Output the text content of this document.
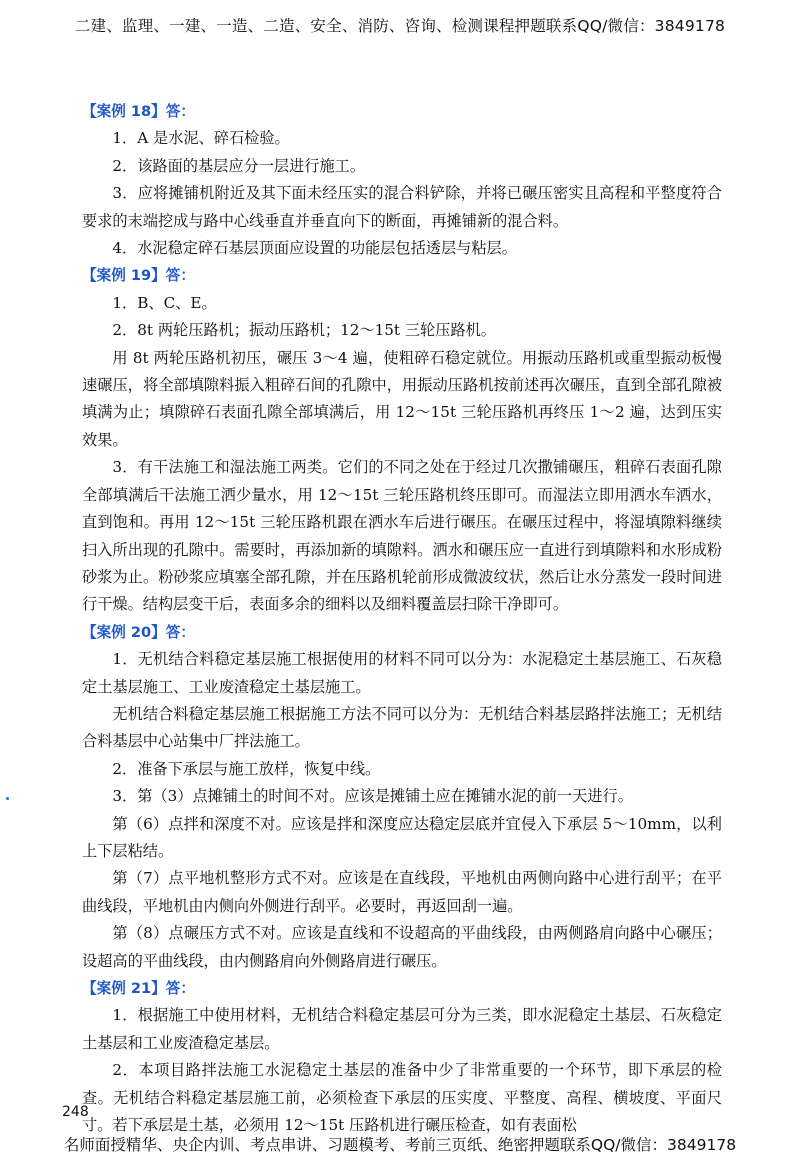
二建、监理、一建、一造、二造、安全、消防、咨询、检测课程押题联系QQ/微信：3849178

【案例 18】答：

1．A 是水泥、碎石检验。

2．该路面的基层应分一层进行施工。

3．应将摊铺机附近及其下面未经压实的混合料铲除，并将已碾压密实且高程和平整度符合要求的末端挖成与路中心线垂直并垂直向下的断面，再摊铺新的混合料。

4．水泥稳定碎石基层顶面应设置的功能层包括透层与粘层。

【案例 19】答：

1．B、C、E。

2．8t 两轮压路机；振动压路机；12～15t 三轮压路机。

用 8t 两轮压路机初压，碾压 3～4 遍，使粗碎石稳定就位。用振动压路机或重型振动板慢速碾压，将全部填隙料振入粗碎石间的孔隙中，用振动压路机按前述再次碾压，直到全部孔隙被填满为止；填隙碎石表面孔隙全部填满后，用 12～15t 三轮压路机再终压 1～2 遍，达到压实效果。

3．有干法施工和湿法施工两类。它们的不同之处在于经过几次撒铺碾压，粗碎石表面孔隙全部填满后干法施工洒少量水，用 12～15t 三轮压路机终压即可。而湿法立即用洒水车洒水，直到饱和。再用 12～15t 三轮压路机跟在洒水车后进行碾压。在碾压过程中，将湿填隙料继续扫入所出现的孔隙中。需要时，再添加新的填隙料。洒水和碾压应一直进行到填隙料和水形成粉砂浆为止。粉砂浆应填塞全部孔隙，并在压路机轮前形成微波纹状，然后让水分蒸发一段时间进行干燥。结构层变干后，表面多余的细料以及细料覆盖层扫除干净即可。

【案例 20】答：

1．无机结合料稳定基层施工根据使用的材料不同可以分为：水泥稳定土基层施工、石灰稳定土基层施工、工业废渣稳定土基层施工。

无机结合料稳定基层施工根据施工方法不同可以分为：无机结合料基层路拌法施工；无机结合料基层中心站集中厂拌法施工。

2．准备下承层与施工放样，恢复中线。

3．第（3）点摊铺土的时间不对。应该是摊铺土应在摊铺水泥的前一天进行。

第（6）点拌和深度不对。应该是拌和深度应达稳定层底并宜侵入下承层 5～10mm，以利上下层粘结。

第（7）点平地机整形方式不对。应该是在直线段，平地机由两侧向路中心进行刮平；在平曲线段，平地机由内侧向外侧进行刮平。必要时，再返回刮一遍。

第（8）点碾压方式不对。应该是直线和不设超高的平曲线段，由两侧路肩向路中心碾压；设超高的平曲线段，由内侧路肩向外侧路肩进行碾压。

【案例 21】答：

1．根据施工中使用材料，无机结合料稳定基层可分为三类，即水泥稳定土基层、石灰稳定土基层和工业废渣稳定基层。

2．本项目路拌法施工水泥稳定土基层的准备中少了非常重要的一个环节，即下承层的检查。无机结合料稳定基层施工前，必须检查下承层的压实度、平整度、高程、横坡度、平面尺寸。若下承层是土基，必须用 12～15t 压路机进行碾压检查，如有表面松

248
名师面授精华、央企内训、考点串讲、习题模考、考前三页纸、绝密押题联系QQ/微信：3849178
